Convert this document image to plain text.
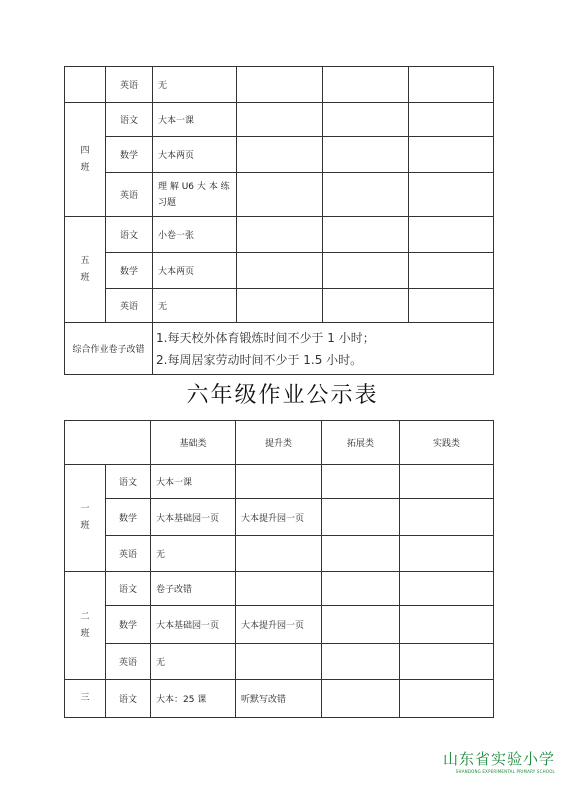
	英语	无			
四
班	语文	大本一课			
	数学	大本两页			
	英语	理 解 U6 大 本 练
习题			
五
班	语文	小卷一张			
	数学	大本两页			
	英语	无			
综合作业卷子改错		1.每天校外体育锻炼时间不少于 1 小时；
2.每周居家劳动时间不少于 1.5 小时。			
六年级作业公示表
		基础类	提升类	拓展类	实践类
一
班	语文	大本一课			
	数学	大本基础园一页	大本提升园一页		
	英语	无			
二
班	语文	卷子改错			
	数学	大本基础园一页	大本提升园一页		
	英语	无			
三	语文	大本：25 课	听默写改错		
山东省实验小学
SHANDONG EXPERIMENTAL PRIMARY SCHOOL
